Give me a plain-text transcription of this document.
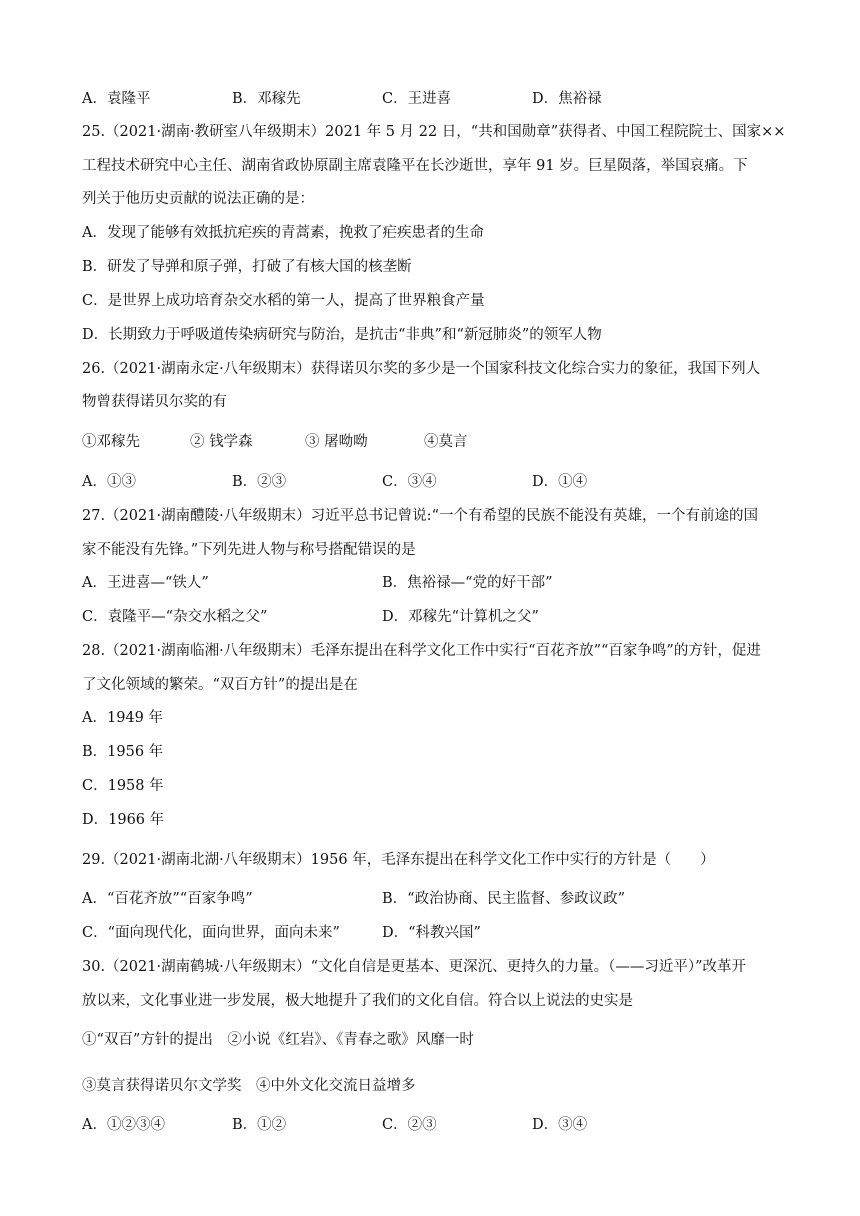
A．袁隆平	B．邓稼先	C．王进喜	D．焦裕禄
25.（2021·湖南·教研室八年级期末）2021 年 5 月 22 日，“共和国勋章”获得者、中国工程院院士、国家××
工程技术研究中心主任、湖南省政协原副主席袁隆平在长沙逝世，享年 91 岁。巨星陨落，举国哀痛。下
列关于他历史贡献的说法正确的是：
A．发现了能够有效抵抗疟疾的青蒿素，挽救了疟疾患者的生命
B．研发了导弹和原子弹，打破了有核大国的核垄断
C．是世界上成功培育杂交水稻的第一人，提高了世界粮食产量
D．长期致力于呼吸道传染病研究与防治，是抗击“非典”和“新冠肺炎”的领军人物
26.（2021·湖南永定·八年级期末）获得诺贝尔奖的多少是一个国家科技文化综合实力的象征，我国下列人
物曾获得诺贝尔奖的有
①邓稼先	② 钱学森	③ 屠呦呦	④莫言
A．①③	B．②③	C．③④	D．①④
27.（2021·湖南醴陵·八年级期末）习近平总书记曾说:“一个有希望的民族不能没有英雄，一个有前途的国
家不能没有先锋。”下列先进人物与称号搭配错误的是
A．王进喜—“铁人”	B．焦裕禄—“党的好干部”
C．袁隆平—“杂交水稻之父”	D．邓稼先“计算机之父”
28.（2021·湖南临湘·八年级期末）毛泽东提出在科学文化工作中实行“百花齐放”“百家争鸣”的方针，促进
了文化领域的繁荣。“双百方针”的提出是在
A．1949 年
B．1956 年
C．1958 年
D．1966 年
29.（2021·湖南北湖·八年级期末）1956 年，毛泽东提出在科学文化工作中实行的方针是（　　）
A．“百花齐放”“百家争鸣”	B．“政治协商、民主监督、参政议政”
C．“面向现代化，面向世界，面向未来”	D．“科教兴国”
30.（2021·湖南鹤城·八年级期末）“文化自信是更基本、更深沉、更持久的力量。（——习近平）”改革开
放以来，文化事业进一步发展，极大地提升了我们的文化自信。符合以上说法的史实是
①“双百”方针的提出　②小说《红岩》、《青春之歌》风靡一时
③莫言获得诺贝尔文学奖　④中外文化交流日益增多
A．①②③④	B．①②	C．②③	D．③④
